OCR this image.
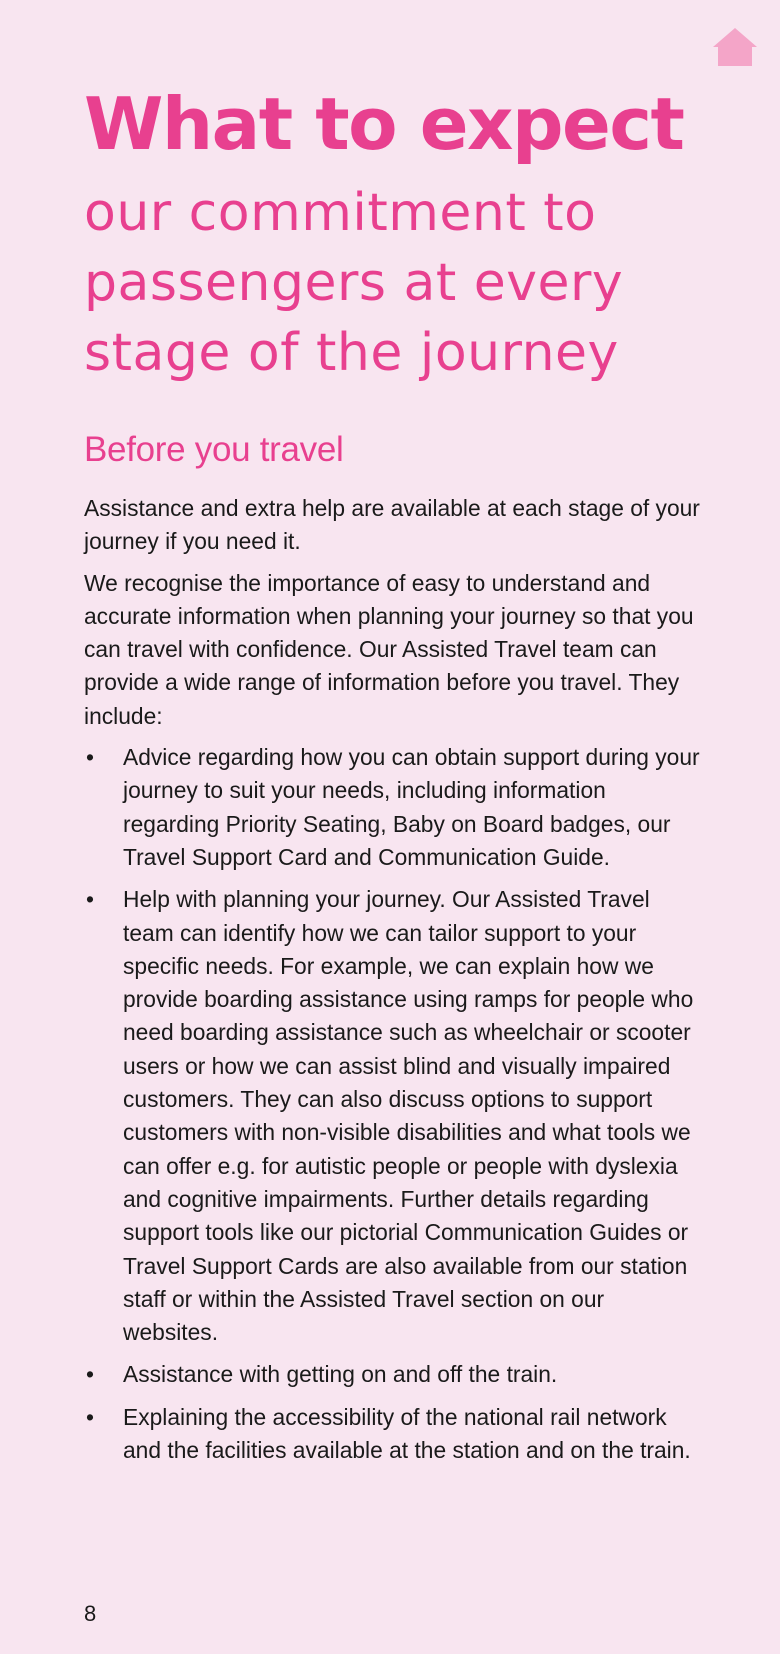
What to expect
our commitment to
passengers at every
stage of the journey
Before you travel

Assistance and extra help are available at each stage of your journey if you need it.

We recognise the importance of easy to understand and accurate information when planning your journey so that you can travel with confidence. Our Assisted Travel team can provide a wide range of information before you travel. They include:

• Advice regarding how you can obtain support during your journey to suit your needs, including information regarding Priority Seating, Baby on Board badges, our Travel Support Card and Communication Guide.
• Help with planning your journey. Our Assisted Travel team can identify how we can tailor support to your specific needs. For example, we can explain how we provide boarding assistance using ramps for people who need boarding assistance such as wheelchair or scooter users or how we can assist blind and visually impaired customers. They can also discuss options to support customers with non-visible disabilities and what tools we can offer e.g. for autistic people or people with dyslexia and cognitive impairments. Further details regarding support tools like our pictorial Communication Guides or Travel Support Cards are also available from our station staff or within the Assisted Travel section on our websites.
• Assistance with getting on and off the train.
• Explaining the accessibility of the national rail network and the facilities available at the station and on the train.
8
